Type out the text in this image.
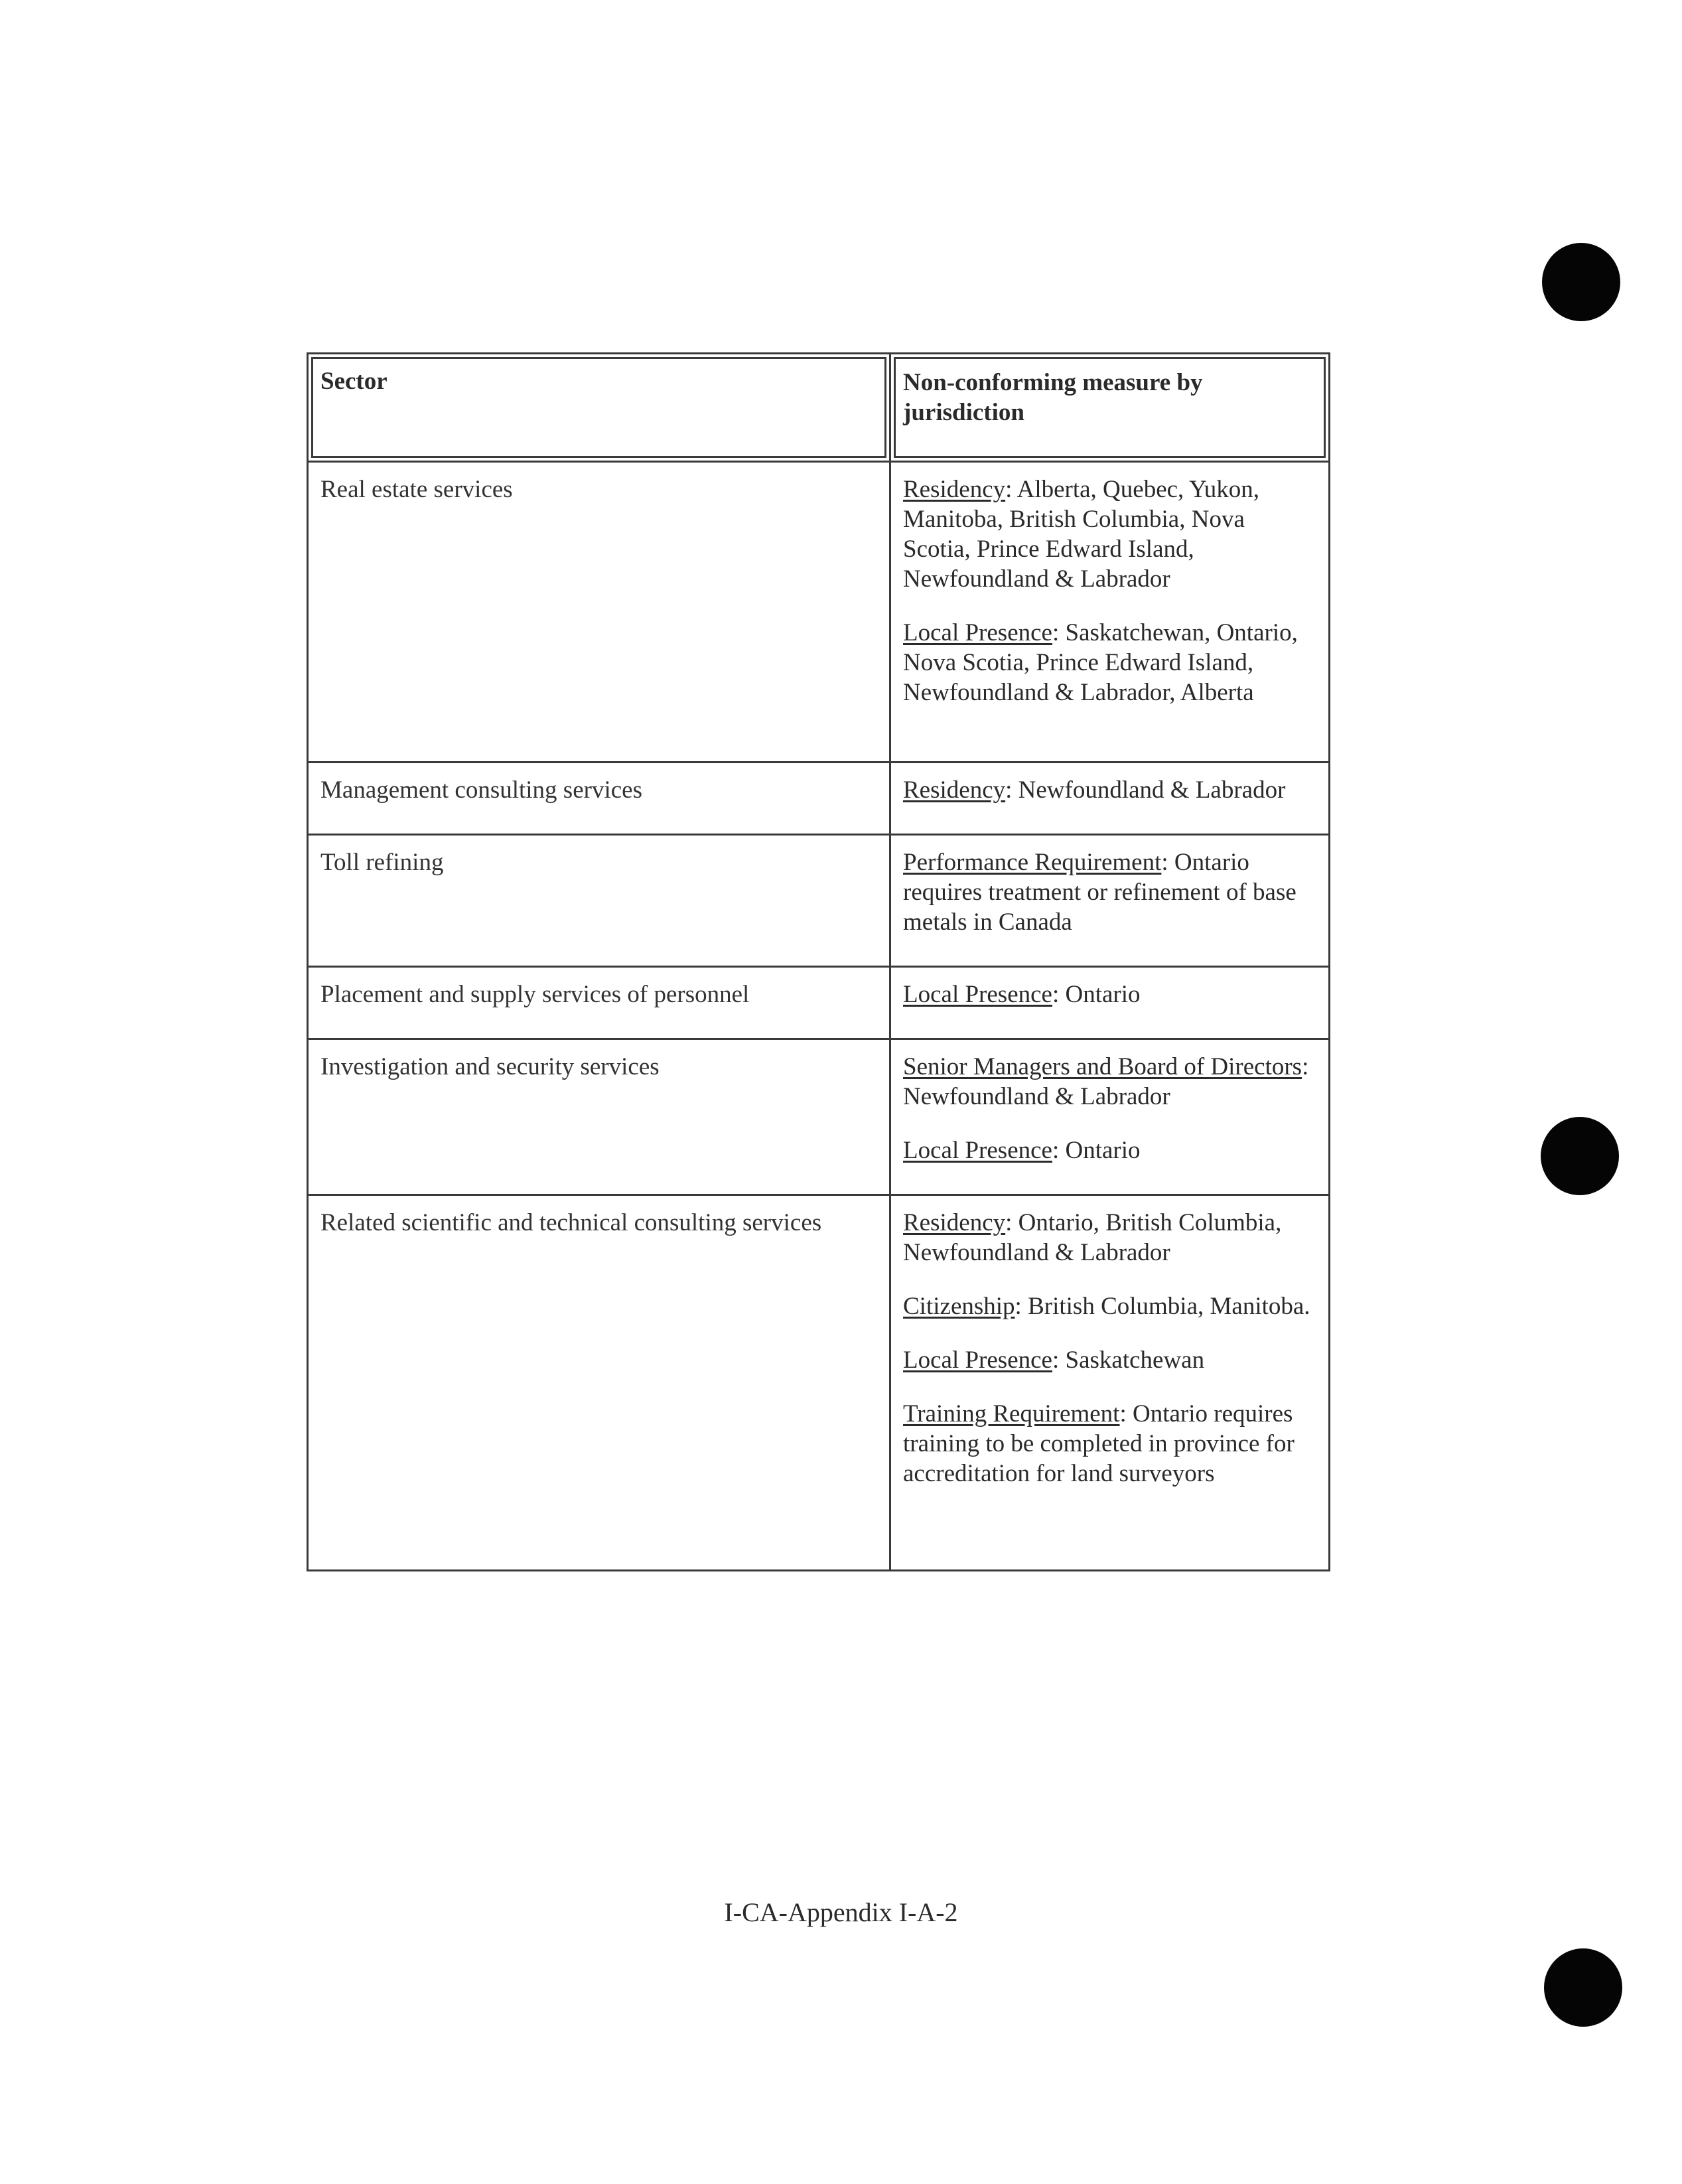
Sector	Non-conforming measure by jurisdiction
Real estate services	Residency: Alberta, Quebec, Yukon, Manitoba, British Columbia, Nova Scotia, Prince Edward Island, Newfoundland & Labrador

Local Presence: Saskatchewan, Ontario, Nova Scotia, Prince Edward Island, Newfoundland & Labrador, Alberta

Management consulting services	Residency: Newfoundland & Labrador

Toll refining	Performance Requirement: Ontario requires treatment or refinement of base metals in Canada

Placement and supply services of personnel	Local Presence: Ontario

Investigation and security services	Senior Managers and Board of Directors: Newfoundland & Labrador

Local Presence: Ontario

Related scientific and technical consulting services	Residency: Ontario, British Columbia, Newfoundland & Labrador

Citizenship: British Columbia, Manitoba.

Local Presence: Saskatchewan

Training Requirement: Ontario requires training to be completed in province for accreditation for land surveyors

I-CA-Appendix I-A-2
